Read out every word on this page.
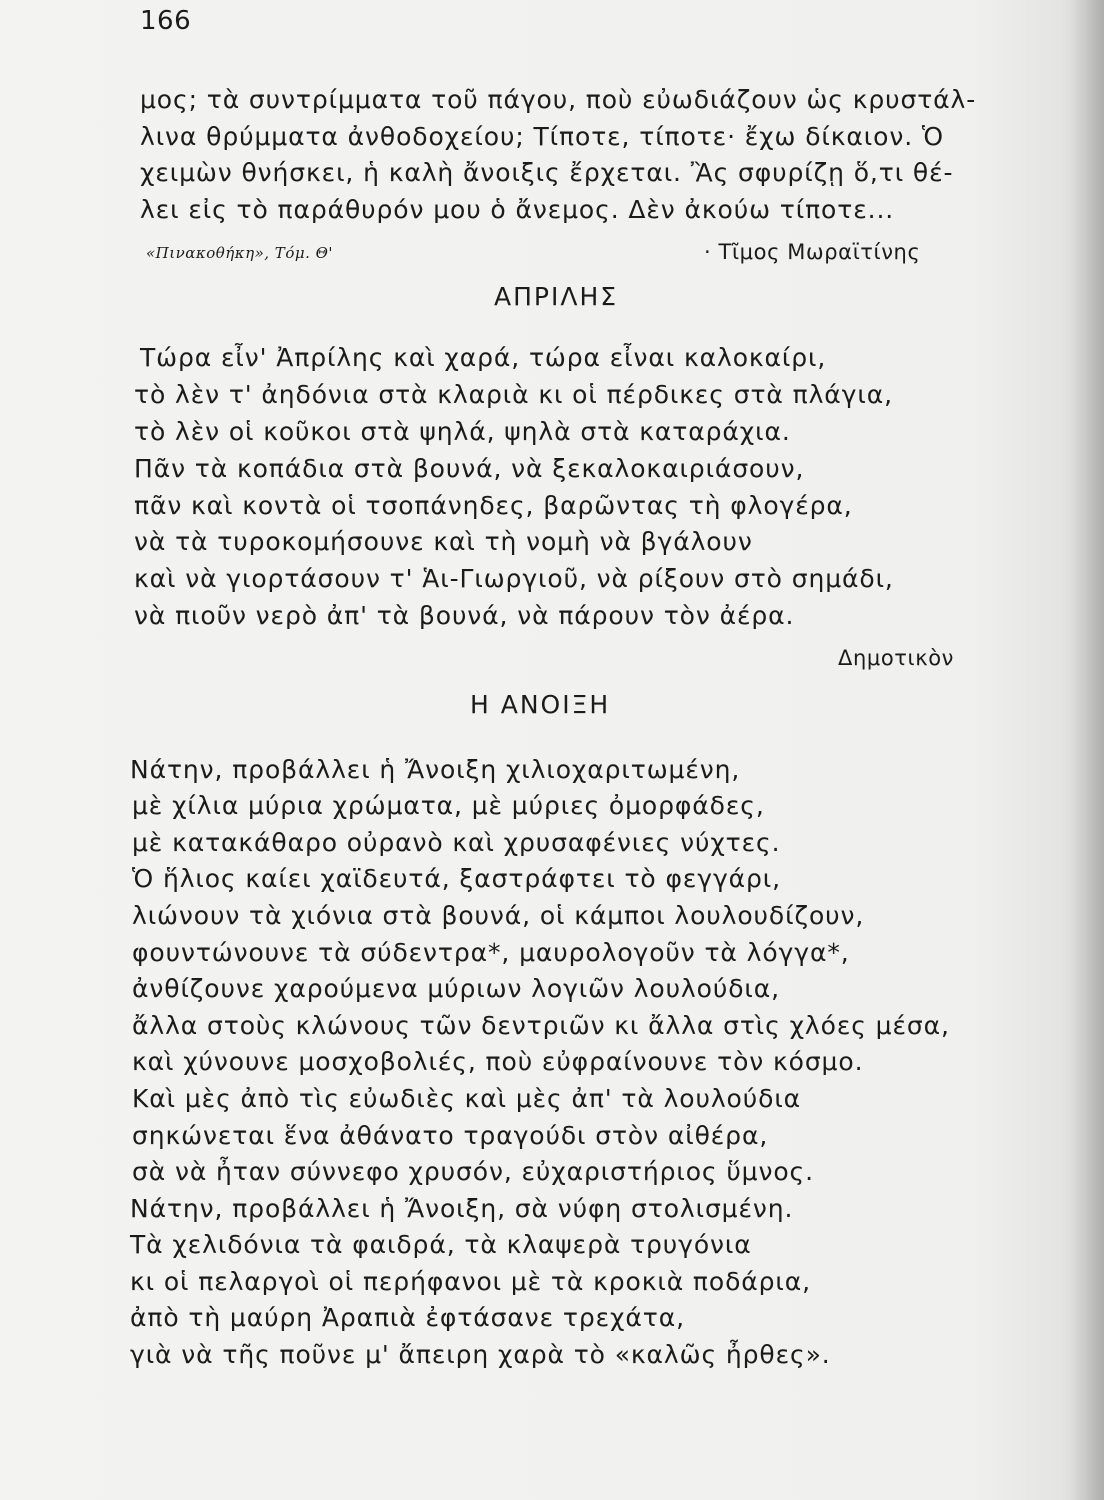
166
μος; τὰ συντρίμματα τοῦ πάγου, ποὺ εὐωδιάζουν ὡς κρυστάλ-
λινα θρύμματα ἀνθοδοχείου; Τίποτε, τίποτε· ἔχω δίκαιον. Ὁ
χειμὼν θνήσκει, ἡ καλὴ ἄνοιξις ἔρχεται. Ἂς σφυρίζῃ ὅ,τι θέ-
λει εἰς τὸ παράθυρόν μου ὁ ἄνεμος. Δὲν ἀκούω τίποτε...
«Πινακοθήκη», Τόμ. Θ'	· Τῖμος Μωραϊτίνης
ΑΠΡΙΛΗΣ
Τώρα εἶν' Ἀπρίλης καὶ χαρά, τώρα εἶναι καλοκαίρι,
τὸ λὲν τ' ἀηδόνια στὰ κλαριὰ κι οἱ πέρδικες στὰ πλάγια,
τὸ λὲν οἱ κοῦκοι στὰ ψηλά, ψηλὰ στὰ καταράχια.
Πᾶν τὰ κοπάδια στὰ βουνά, νὰ ξεκαλοκαιριάσουν,
πᾶν καὶ κοντὰ οἱ τσοπάνηδες, βαρῶντας τὴ φλογέρα,
νὰ τὰ τυροκομήσουνε καὶ τὴ νομὴ νὰ βγάλουν
καὶ νὰ γιορτάσουν τ' Ἁι-Γιωργιοῦ, νὰ ρίξουν στὸ σημάδι,
νὰ πιοῦν νερὸ ἀπ' τὰ βουνά, νὰ πάρουν τὸν ἀέρα.
Δημοτικὸν
Η ΑΝΟΙΞΗ
Νάτην, προβάλλει ἡ Ἄνοιξη χιλιοχαριτωμένη,
μὲ χίλια μύρια χρώματα, μὲ μύριες ὀμορφάδες,
μὲ κατακάθαρο οὐρανὸ καὶ χρυσαφένιες νύχτες.
Ὁ ἥλιος καίει χαϊδευτά, ξαστράφτει τὸ φεγγάρι,
λιώνουν τὰ χιόνια στὰ βουνά, οἱ κάμποι λουλουδίζουν,
φουντώνουνε τὰ σύδεντρα*, μαυρολογοῦν τὰ λόγγα*,
ἀνθίζουνε χαρούμενα μύριων λογιῶν λουλούδια,
ἄλλα στοὺς κλώνους τῶν δεντριῶν κι ἄλλα στὶς χλόες μέσα,
καὶ χύνουνε μοσχοβολιές, ποὺ εὐφραίνουνε τὸν κόσμο.
Καὶ μὲς ἀπὸ τὶς εὐωδιὲς καὶ μὲς ἀπ' τὰ λουλούδια
σηκώνεται ἕνα ἀθάνατο τραγούδι στὸν αἰθέρα,
σὰ νὰ ἦταν σύννεφο χρυσόν, εὐχαριστήριος ὕμνος.
Νάτην, προβάλλει ἡ Ἄνοιξη, σὰ νύφη στολισμένη.
Τὰ χελιδόνια τὰ φαιδρά, τὰ κλαψερὰ τρυγόνια
κι οἱ πελαργοὶ οἱ περήφανοι μὲ τὰ κροκιὰ ποδάρια,
ἀπὸ τὴ μαύρη Ἀραπιὰ ἐφτάσανε τρεχάτα,
γιὰ νὰ τῆς ποῦνε μ' ἄπειρη χαρὰ τὸ «καλῶς ἦρθες».
